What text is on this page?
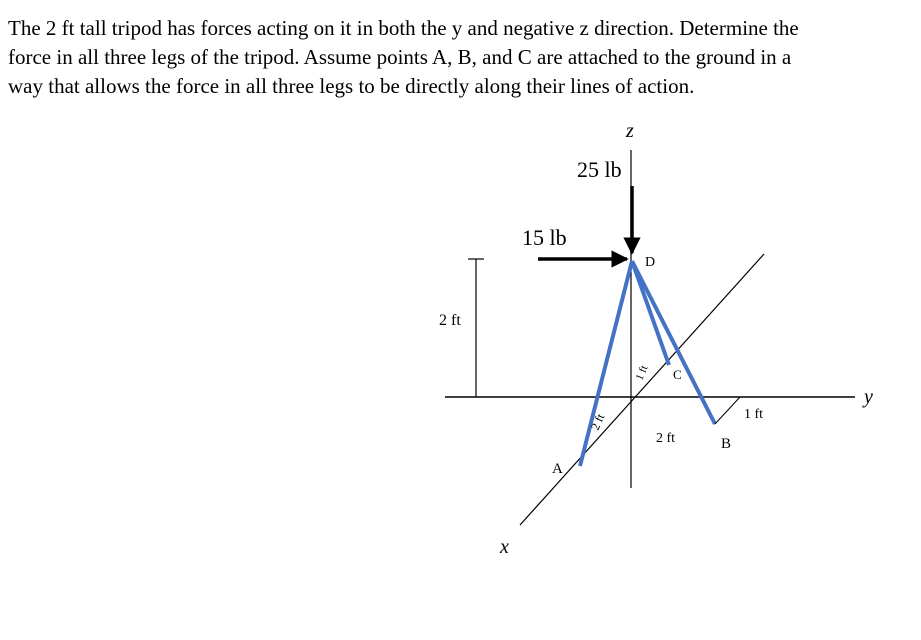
The 2 ft tall tripod has forces acting on it in both the y and negative z direction. Determine the

force in all three legs of the tripod. Assume points A, B, and C are attached to the ground in a

way that allows the force in all three legs to be directly along their lines of action.

z
y
x
25 lb
15 lb
D
A
B
C
2 ft
1 ft
2 ft
2 ft
1 ft
